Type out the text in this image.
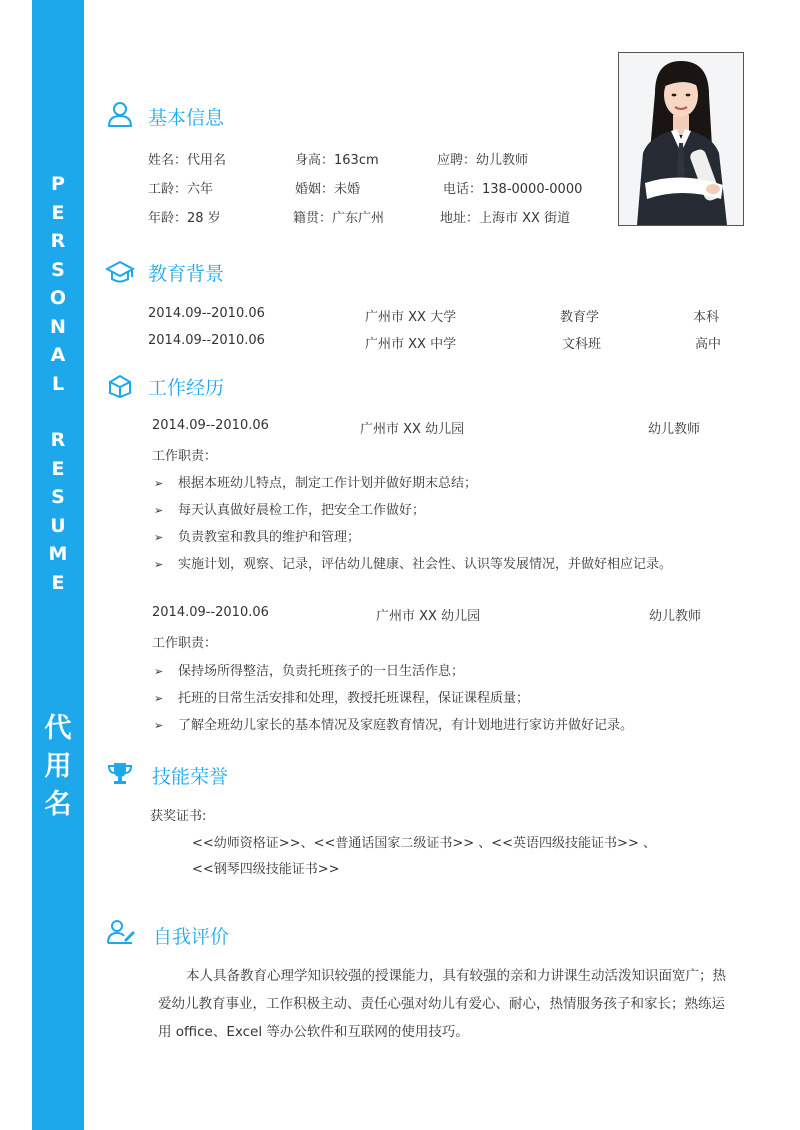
P
E
R
S
O
N
A
L
R
E
S
U
M
E
代
用
名
基本信息
姓名：代用名	身高：163cm	应聘：幼儿教师
工龄：六年	婚姻：未婚	电话：138-0000-0000
年龄：28 岁	籍贯：广东广州	地址：上海市 XX 街道
教育背景
2014.09--2010.06	广州市 XX 大学	教育学	本科
2014.09--2010.06	广州市 XX 中学	文科班	高中
工作经历
2014.09--2010.06	广州市 XX 幼儿园	幼儿教师
工作职责：
➢ 根据本班幼儿特点，制定工作计划并做好期末总结；
➢ 每天认真做好晨检工作，把安全工作做好；
➢ 负责教室和教具的维护和管理；
➢ 实施计划，观察、记录，评估幼儿健康、社会性、认识等发展情况，并做好相应记录。
2014.09--2010.06	广州市 XX 幼儿园	幼儿教师
工作职责：
➢ 保持场所得整洁，负责托班孩子的一日生活作息；
➢ 托班的日常生活安排和处理，教授托班课程，保证课程质量；
➢ 了解全班幼儿家长的基本情况及家庭教育情况，有计划地进行家访并做好记录。
技能荣誉
获奖证书:
<<幼师资格证>>、<<普通话国家二级证书>> 、<<英语四级技能证书>> 、
<<钢琴四级技能证书>>
自我评价
本人具备教育心理学知识较强的授课能力，具有较强的亲和力讲课生动活泼知识面宽广；热爱幼儿教育事业，工作积极主动、责任心强对幼儿有爱心、耐心，热情服务孩子和家长；熟练运用 office、Excel 等办公软件和互联网的使用技巧。
